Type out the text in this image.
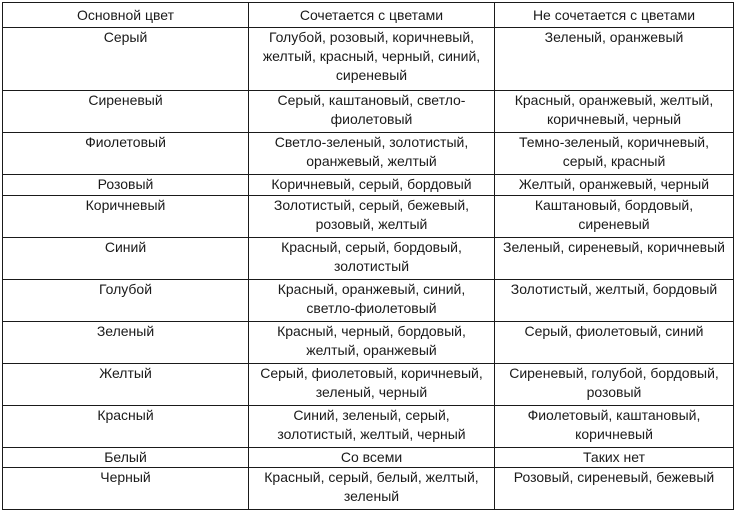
Основной цвет	Сочетается с цветами	Не сочетается с цветами
Серый	Голубой, розовый, коричневый, желтый, красный, черный, синий, сиреневый	Зеленый, оранжевый
Сиреневый	Серый, каштановый, светло-фиолетовый	Красный, оранжевый, желтый, коричневый, черный
Фиолетовый	Светло-зеленый, золотистый, оранжевый, желтый	Темно-зеленый, коричневый, серый, красный
Розовый	Коричневый, серый, бордовый	Желтый, оранжевый, черный
Коричневый	Золотистый, серый, бежевый, розовый, желтый	Каштановый, бордовый, сиреневый
Синий	Красный, серый, бордовый, золотистый	Зеленый, сиреневый, коричневый
Голубой	Красный, оранжевый, синий, светло-фиолетовый	Золотистый, желтый, бордовый
Зеленый	Красный, черный, бордовый, желтый, оранжевый	Серый, фиолетовый, синий
Желтый	Серый, фиолетовый, коричневый, зеленый, черный	Сиреневый, голубой, бордовый, розовый
Красный	Синий, зеленый, серый, золотистый, желтый, черный	Фиолетовый, каштановый, коричневый
Белый	Со всеми	Таких нет
Черный	Красный, серый, белый, желтый, зеленый	Розовый, сиреневый, бежевый
